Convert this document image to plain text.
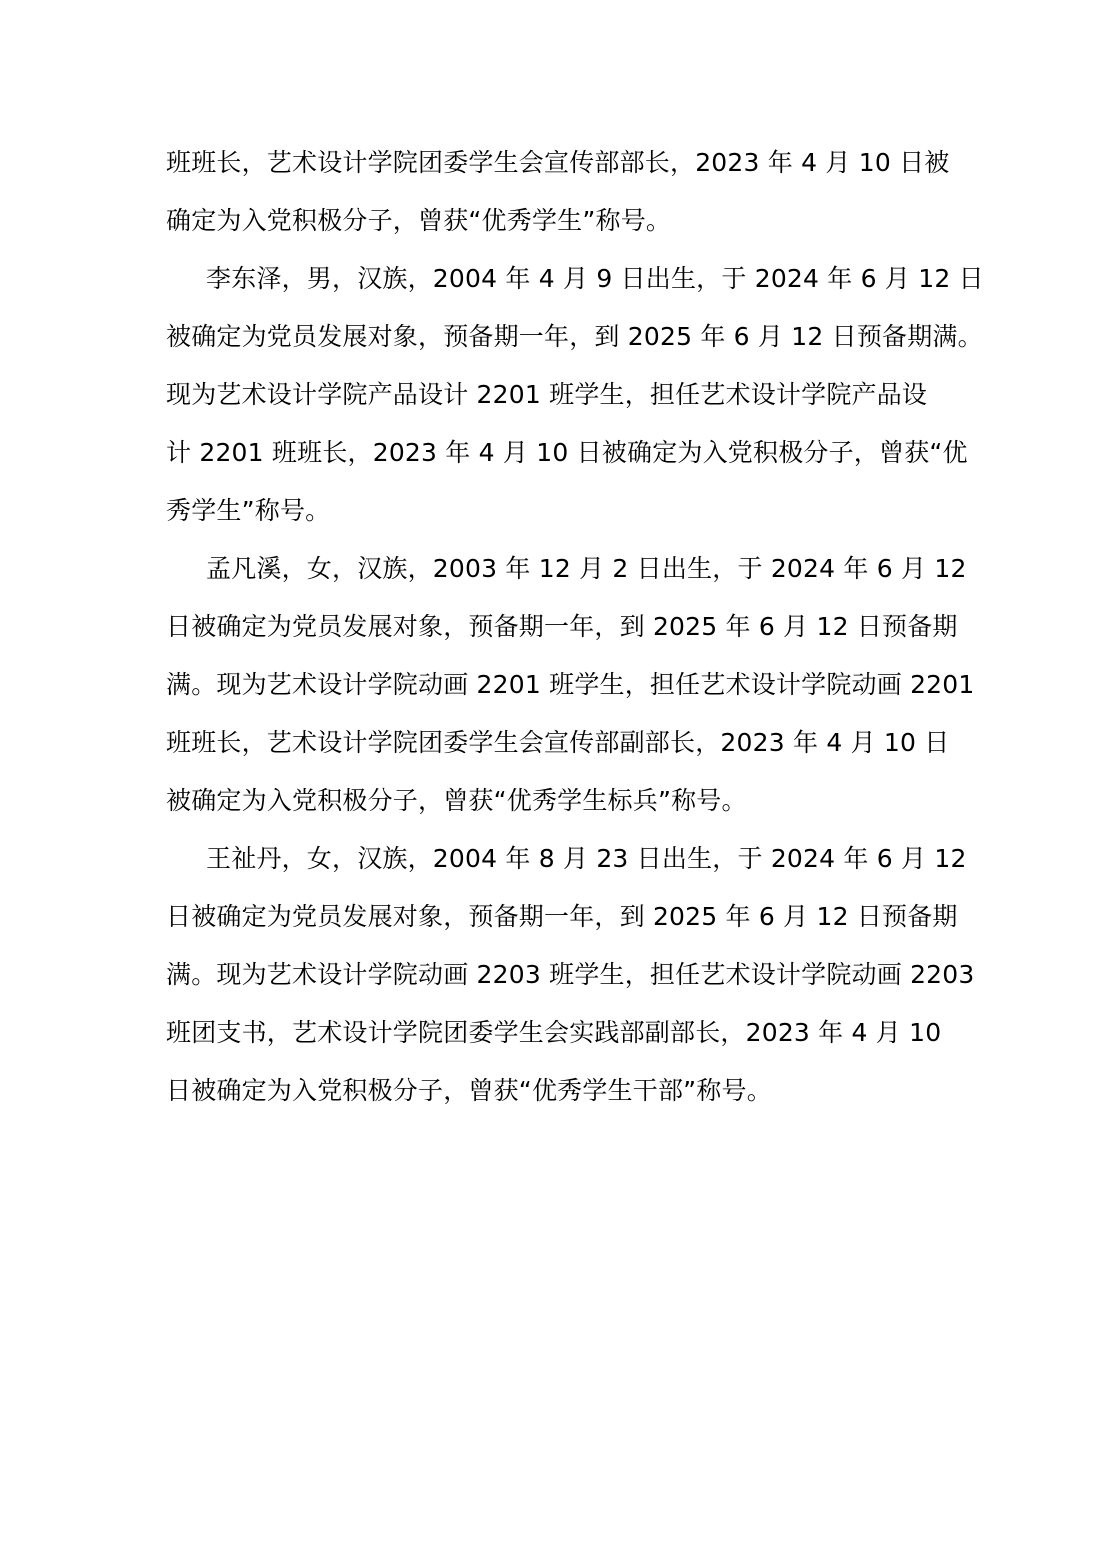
班班长，艺术设计学院团委学生会宣传部部长，2023 年 4 月 10 日被
确定为入党积极分子，曾获“优秀学生”称号。
李东泽，男，汉族，2004 年 4 月 9 日出生，于 2024 年 6 月 12 日
被确定为党员发展对象，预备期一年，到 2025 年 6 月 12 日预备期满。
现为艺术设计学院产品设计 2201 班学生，担任艺术设计学院产品设
计 2201 班班长，2023 年 4 月 10 日被确定为入党积极分子，曾获“优
秀学生”称号。
孟凡溪，女，汉族，2003 年 12 月 2 日出生，于 2024 年 6 月 12
日被确定为党员发展对象，预备期一年，到 2025 年 6 月 12 日预备期
满。现为艺术设计学院动画 2201 班学生，担任艺术设计学院动画 2201
班班长，艺术设计学院团委学生会宣传部副部长，2023 年 4 月 10 日
被确定为入党积极分子，曾获“优秀学生标兵”称号。
王祉丹，女，汉族，2004 年 8 月 23 日出生，于 2024 年 6 月 12
日被确定为党员发展对象，预备期一年，到 2025 年 6 月 12 日预备期
满。现为艺术设计学院动画 2203 班学生，担任艺术设计学院动画 2203
班团支书，艺术设计学院团委学生会实践部副部长，2023 年 4 月 10
日被确定为入党积极分子，曾获“优秀学生干部”称号。
